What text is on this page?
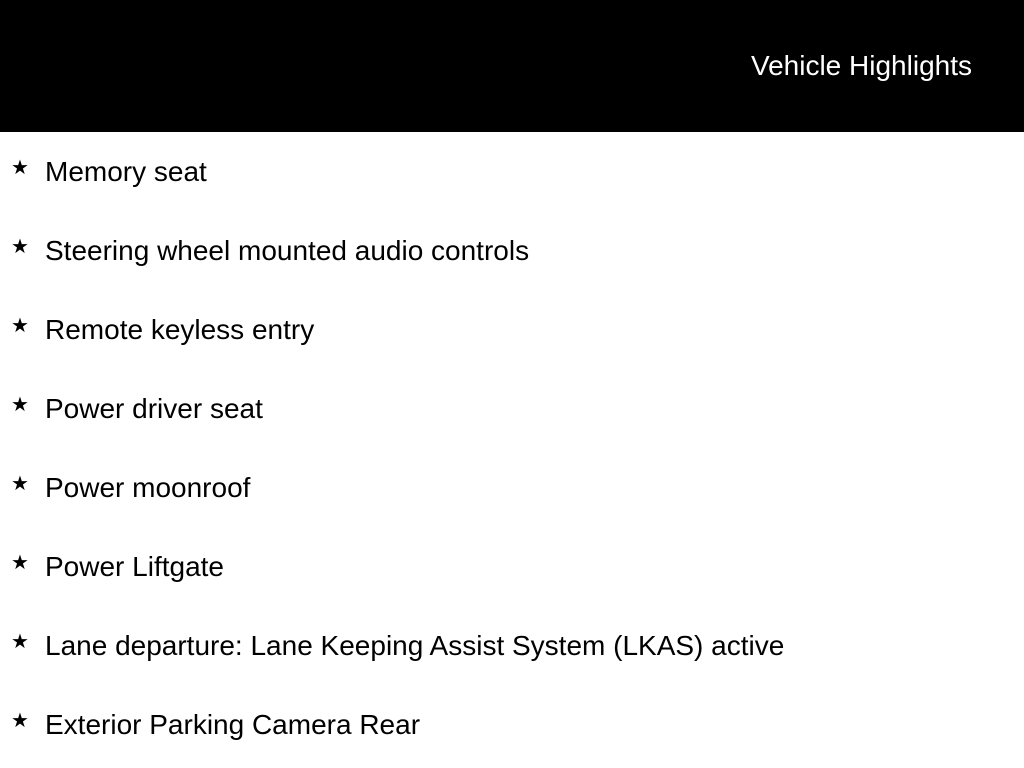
Vehicle Highlights
★ Memory seat
★ Steering wheel mounted audio controls
★ Remote keyless entry
★ Power driver seat
★ Power moonroof
★ Power Liftgate
★ Lane departure: Lane Keeping Assist System (LKAS) active
★ Exterior Parking Camera Rear
